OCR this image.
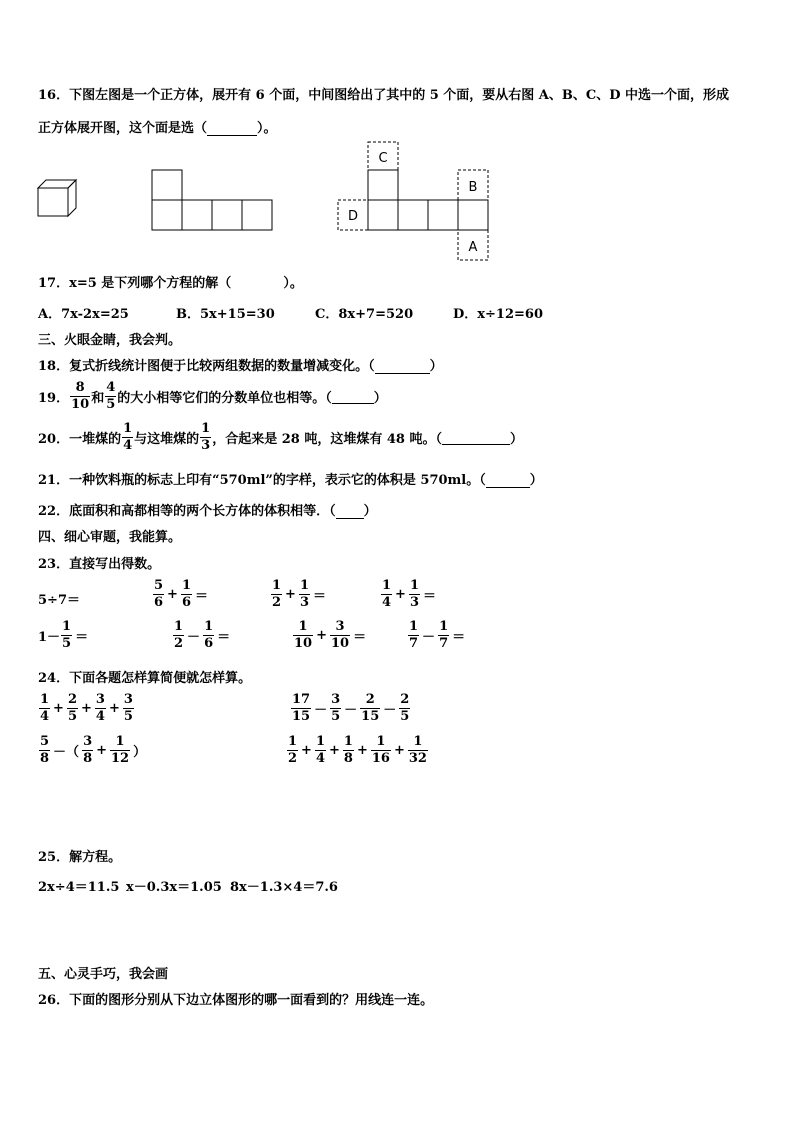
16．下图左图是一个正方体，展开有 6 个面，中间图给出了其中的 5 个面，要从右图 A、B、C、D 中选一个面，形成
正方体展开图，这个面是选（	）。
C
B
D
A
17．x=5 是下列哪个方程的解（	）。
A．7x-2x=25	B．5x+15=30	C．8x+7=520	D．x÷12=60
三、火眼金睛，我会判。
18．复式折线统计图便于比较两组数据的数量增减变化。（	）
19． $\frac{8}{10}$ 和 $\frac{4}{5}$ 的大小相等它们的分数单位也相等。（	）
20．一堆煤的 $\frac{1}{4}$ 与这堆煤的 $\frac{1}{3}$ ，合起来是 28 吨，这堆煤有 48 吨。（	）
21．一种饮料瓶的标志上印有“570ml”的字样，表示它的体积是 570ml。（	）
22．底面积和高都相等的两个长方体的体积相等．（ ）
四、细心审题，我能算。
23．直接写出得数。
5÷7＝	$\frac{5}{6} + \frac{1}{6}$ ＝	$\frac{1}{2} + \frac{1}{3}$ ＝	$\frac{1}{4} + \frac{1}{3}$ ＝
$1- \frac{1}{5}$ ＝	$\frac{1}{2} - \frac{1}{6}$ ＝	$\frac{1}{10} + \frac{3}{10}$ ＝	$\frac{1}{7} - \frac{1}{7}$ ＝
24．下面各题怎样算简便就怎样算。
$\frac{1}{4} + \frac{2}{5} + \frac{3}{4} + \frac{3}{5}$	$\frac{17}{15} - \frac{3}{5} - \frac{2}{15} - \frac{2}{5}$
$\frac{5}{8}$ －（ $\frac{3}{8} + \frac{1}{12}$ ）	$\frac{1}{2} + \frac{1}{4} + \frac{1}{8} + \frac{1}{16} + \frac{1}{32}$
25．解方程。
2x÷4＝11.5 x－0.3x＝1.05 8x－1.3×4＝7.6
五、心灵手巧，我会画
26．下面的图形分别从下边立体图形的哪一面看到的？用线连一连。
